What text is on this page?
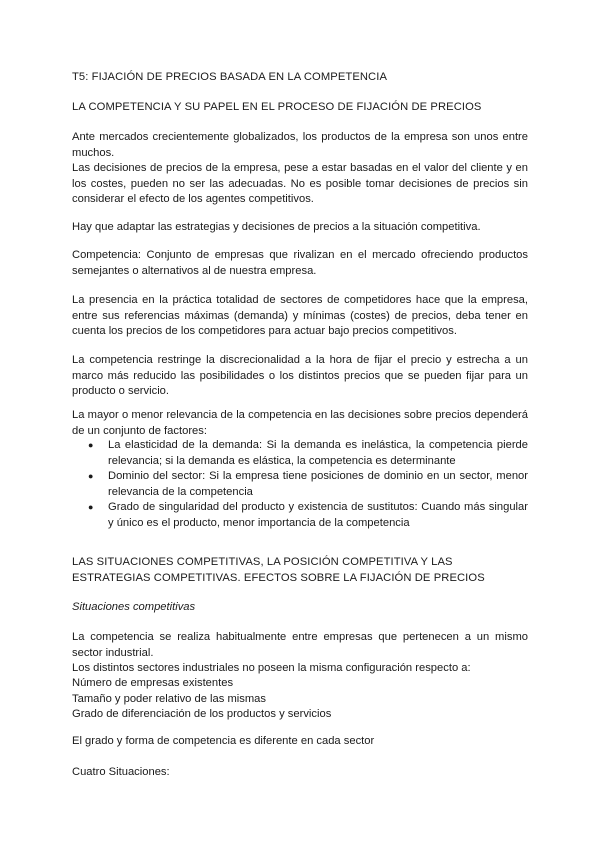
T5: FIJACIÓN DE PRECIOS BASADA EN LA COMPETENCIA

LA COMPETENCIA Y SU PAPEL EN EL PROCESO DE FIJACIÓN DE PRECIOS

Ante mercados crecientemente globalizados, los productos de la empresa son unos entre muchos.

Las decisiones de precios de la empresa, pese a estar basadas en el valor del cliente y en los costes, pueden no ser las adecuadas. No es posible tomar decisiones de precios sin considerar el efecto de los agentes competitivos.

Hay que adaptar las estrategias y decisiones de precios a la situación competitiva.

Competencia: Conjunto de empresas que rivalizan en el mercado ofreciendo productos semejantes o alternativos al de nuestra empresa.

La presencia en la práctica totalidad de sectores de competidores hace que la empresa, entre sus referencias máximas (demanda) y mínimas (costes) de precios, deba tener en cuenta los precios de los competidores para actuar bajo precios competitivos.

La competencia restringe la discrecionalidad a la hora de fijar el precio y estrecha a un marco más reducido las posibilidades o los distintos precios que se pueden fijar para un producto o servicio.

La mayor o menor relevancia de la competencia en las decisiones sobre precios dependerá de un conjunto de factores:

● La elasticidad de la demanda: Si la demanda es inelástica, la competencia pierde relevancia; si la demanda es elástica, la competencia es determinante
● Dominio del sector: Si la empresa tiene posiciones de dominio en un sector, menor relevancia de la competencia
● Grado de singularidad del producto y existencia de sustitutos: Cuando más singular y único es el producto, menor importancia de la competencia

LAS SITUACIONES COMPETITIVAS, LA POSICIÓN COMPETITIVA Y LAS ESTRATEGIAS COMPETITIVAS. EFECTOS SOBRE LA FIJACIÓN DE PRECIOS

Situaciones competitivas

La competencia se realiza habitualmente entre empresas que pertenecen a un mismo sector industrial.

Los distintos sectores industriales no poseen la misma configuración respecto a:

Número de empresas existentes
Tamaño y poder relativo de las mismas
Grado de diferenciación de los productos y servicios

El grado y forma de competencia es diferente en cada sector

Cuatro Situaciones:
